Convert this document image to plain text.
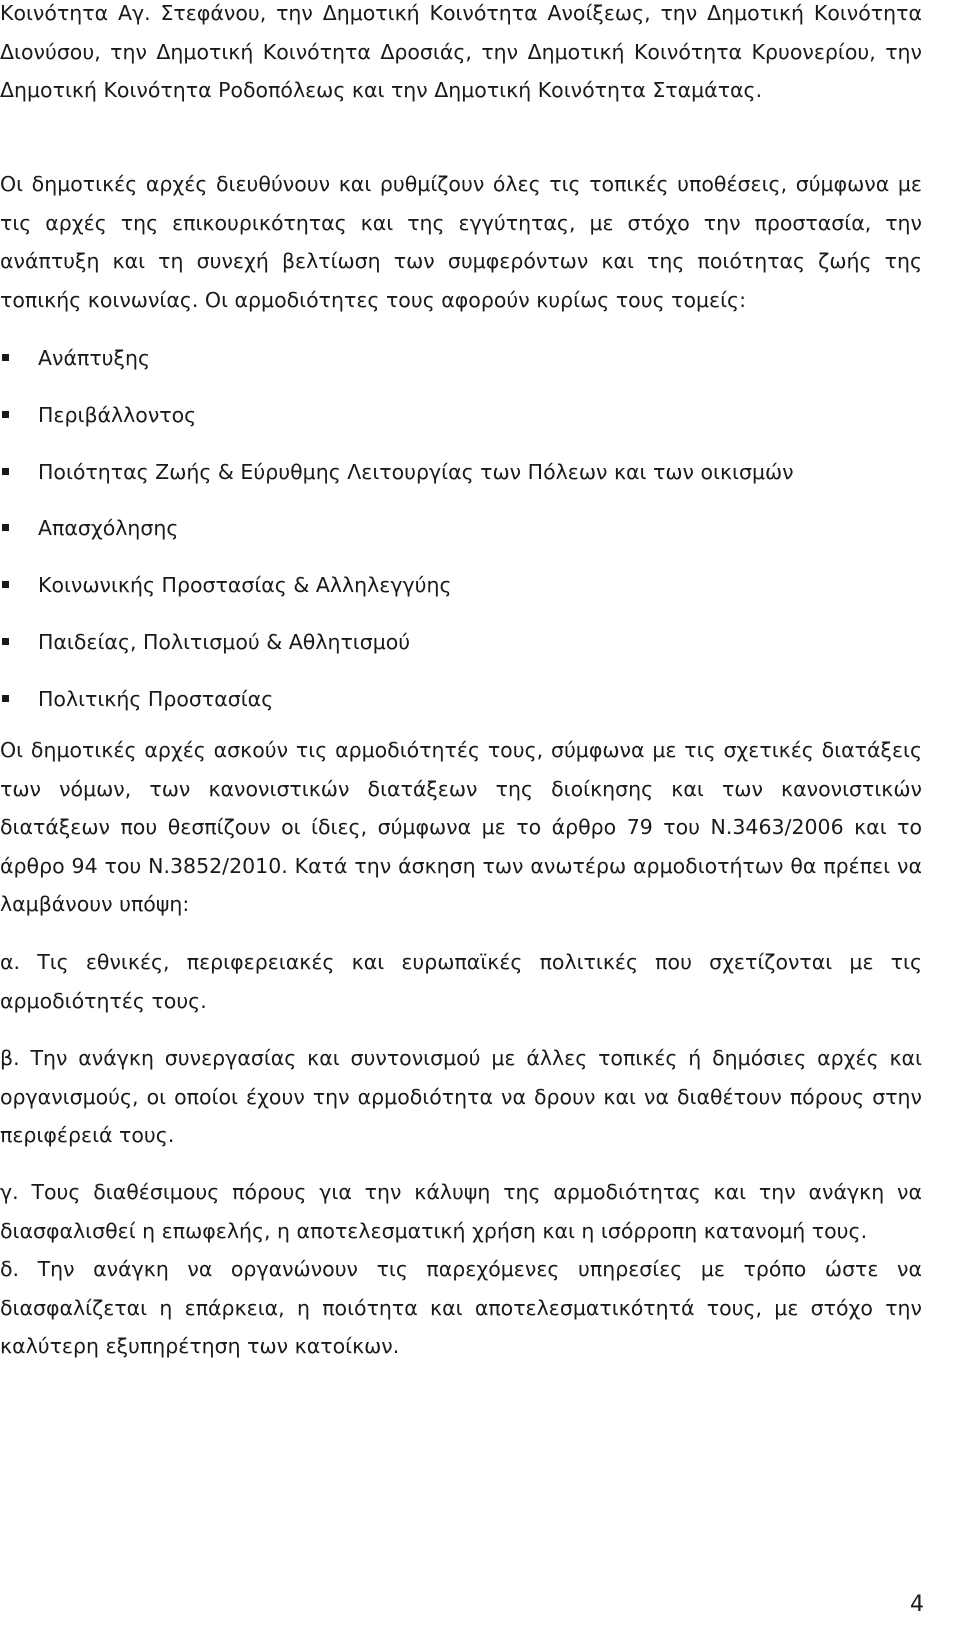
Κοινότητα Αγ. Στεφάνου, την Δημοτική Κοινότητα Ανοίξεως, την Δημοτική Κοινότητα Διονύσου, την Δημοτική Κοινότητα Δροσιάς, την Δημοτική Κοινότητα Κρυονερίου, την Δημοτική Κοινότητα Ροδοπόλεως και την Δημοτική Κοινότητα Σταμάτας.

Οι δημοτικές αρχές διευθύνουν και ρυθμίζουν όλες τις τοπικές υποθέσεις, σύμφωνα με τις αρχές της επικουρικότητας και της εγγύτητας, με στόχο την προστασία, την ανάπτυξη και τη συνεχή βελτίωση των συμφερόντων και της ποιότητας ζωής της τοπικής κοινωνίας. Οι αρμοδιότητες τους αφορούν κυρίως τους τομείς:

Ανάπτυξης
Περιβάλλοντος
Ποιότητας Ζωής & Εύρυθμης Λειτουργίας των Πόλεων και των οικισμών
Απασχόλησης
Κοινωνικής Προστασίας & Αλληλεγγύης
Παιδείας, Πολιτισμού & Αθλητισμού
Πολιτικής Προστασίας

Οι δημοτικές αρχές ασκούν τις αρμοδιότητές τους, σύμφωνα με τις σχετικές διατάξεις των νόμων, των κανονιστικών διατάξεων της διοίκησης και των κανονιστικών διατάξεων που θεσπίζουν οι ίδιες, σύμφωνα με το άρθρο 79 του Ν.3463/2006 και το άρθρο 94 του Ν.3852/2010. Κατά την άσκηση των ανωτέρω αρμοδιοτήτων θα πρέπει να λαμβάνουν υπόψη:

α. Τις εθνικές, περιφερειακές και ευρωπαϊκές πολιτικές που σχετίζονται με τις αρμοδιότητές τους.

β. Την ανάγκη συνεργασίας και συντονισμού με άλλες τοπικές ή δημόσιες αρχές και οργανισμούς, οι οποίοι έχουν την αρμοδιότητα να δρουν και να διαθέτουν πόρους στην περιφέρειά τους.

γ. Τους διαθέσιμους πόρους για την κάλυψη της αρμοδιότητας και την ανάγκη να διασφαλισθεί η επωφελής, η αποτελεσματική χρήση και η ισόρροπη κατανομή τους.

δ. Την ανάγκη να οργανώνουν τις παρεχόμενες υπηρεσίες με τρόπο ώστε να διασφαλίζεται η επάρκεια, η ποιότητα και αποτελεσματικότητά τους, με στόχο την καλύτερη εξυπηρέτηση των κατοίκων.

4
